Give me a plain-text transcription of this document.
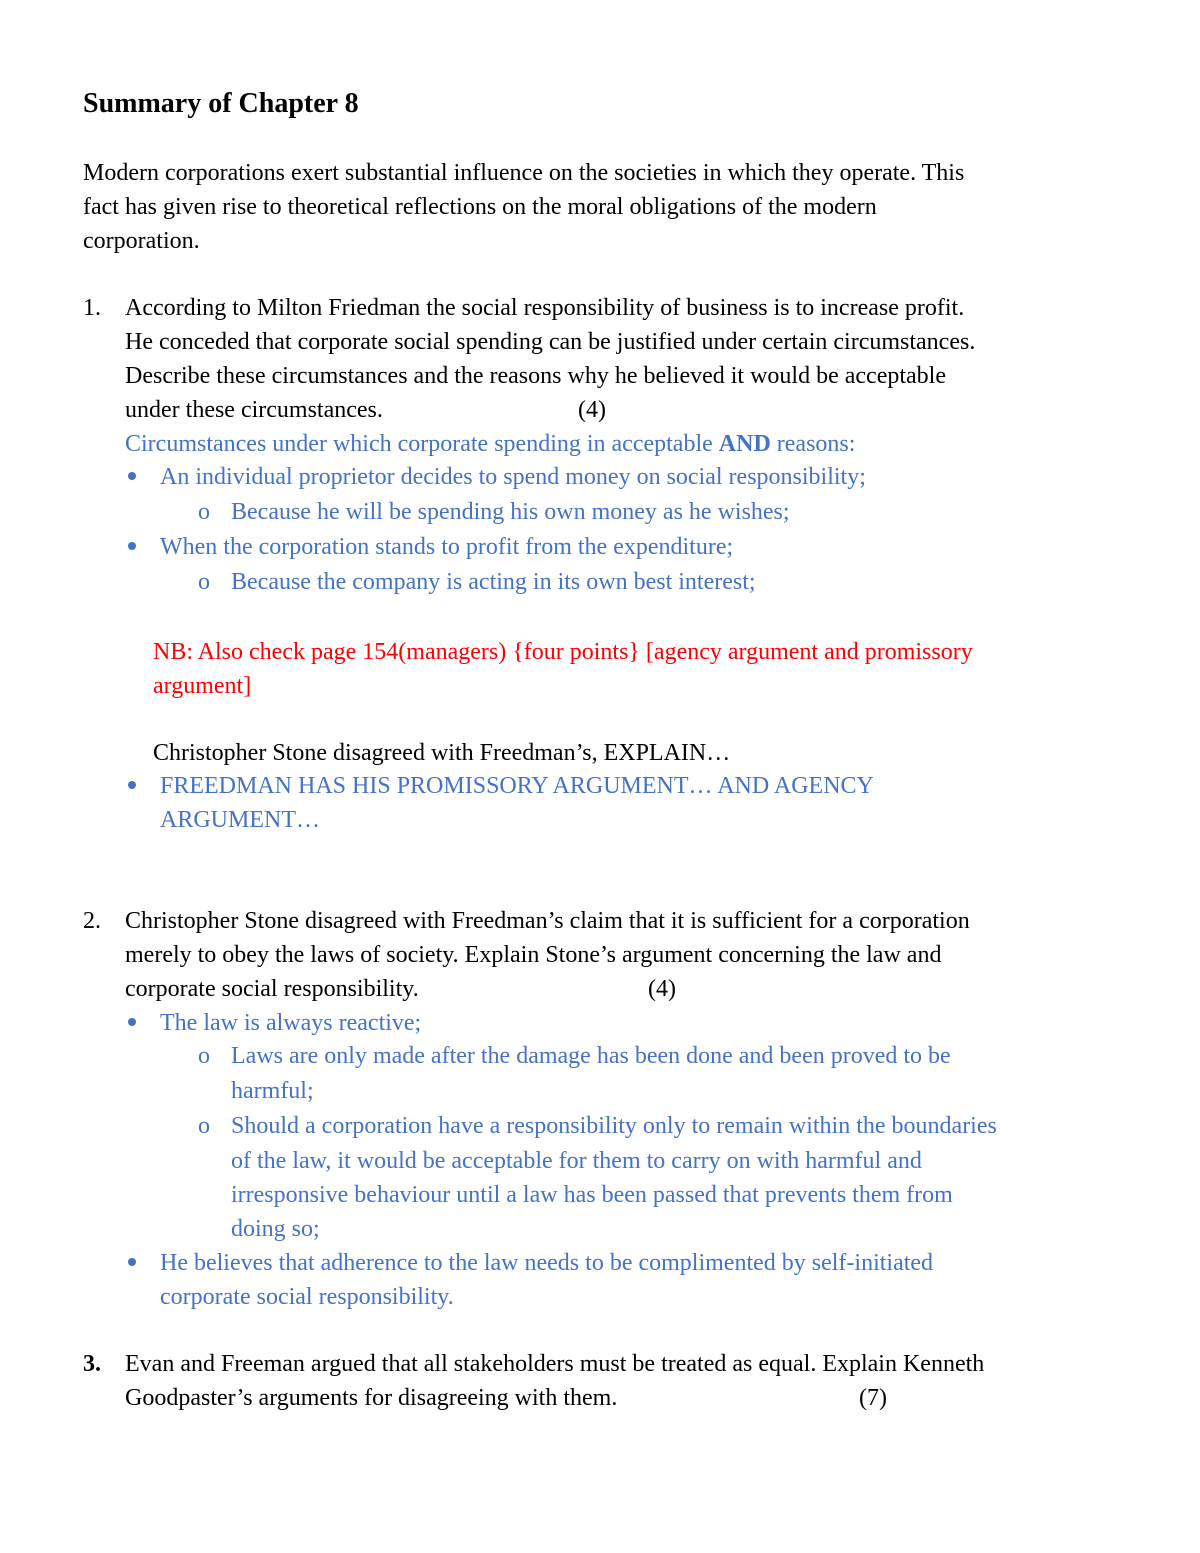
Summary of Chapter 8
Modern corporations exert substantial influence on the societies in which they operate. This
fact has given rise to theoretical reflections on the moral obligations of the modern
corporation.
1. According to Milton Friedman the social responsibility of business is to increase profit.
He conceded that corporate social spending can be justified under certain circumstances.
Describe these circumstances and the reasons why he believed it would be acceptable
under these circumstances.	(4)
Circumstances under which corporate spending in acceptable AND reasons:
An individual proprietor decides to spend money on social responsibility;
o Because he will be spending his own money as he wishes;
When the corporation stands to profit from the expenditure;
o Because the company is acting in its own best interest;
NB: Also check page 154(managers) {four points} [agency argument and promissory
argument]
Christopher Stone disagreed with Freedman’s, EXPLAIN…
FREEDMAN HAS HIS PROMISSORY ARGUMENT… AND AGENCY
ARGUMENT…
2. Christopher Stone disagreed with Freedman’s claim that it is sufficient for a corporation
merely to obey the laws of society. Explain Stone’s argument concerning the law and
corporate social responsibility.	(4)
The law is always reactive;
o Laws are only made after the damage has been done and been proved to be
harmful;
o Should a corporation have a responsibility only to remain within the boundaries
of the law, it would be acceptable for them to carry on with harmful and
irresponsive behaviour until a law has been passed that prevents them from
doing so;
He believes that adherence to the law needs to be complimented by self-initiated
corporate social responsibility.
3. Evan and Freeman argued that all stakeholders must be treated as equal. Explain Kenneth
Goodpaster’s arguments for disagreeing with them.	(7)
